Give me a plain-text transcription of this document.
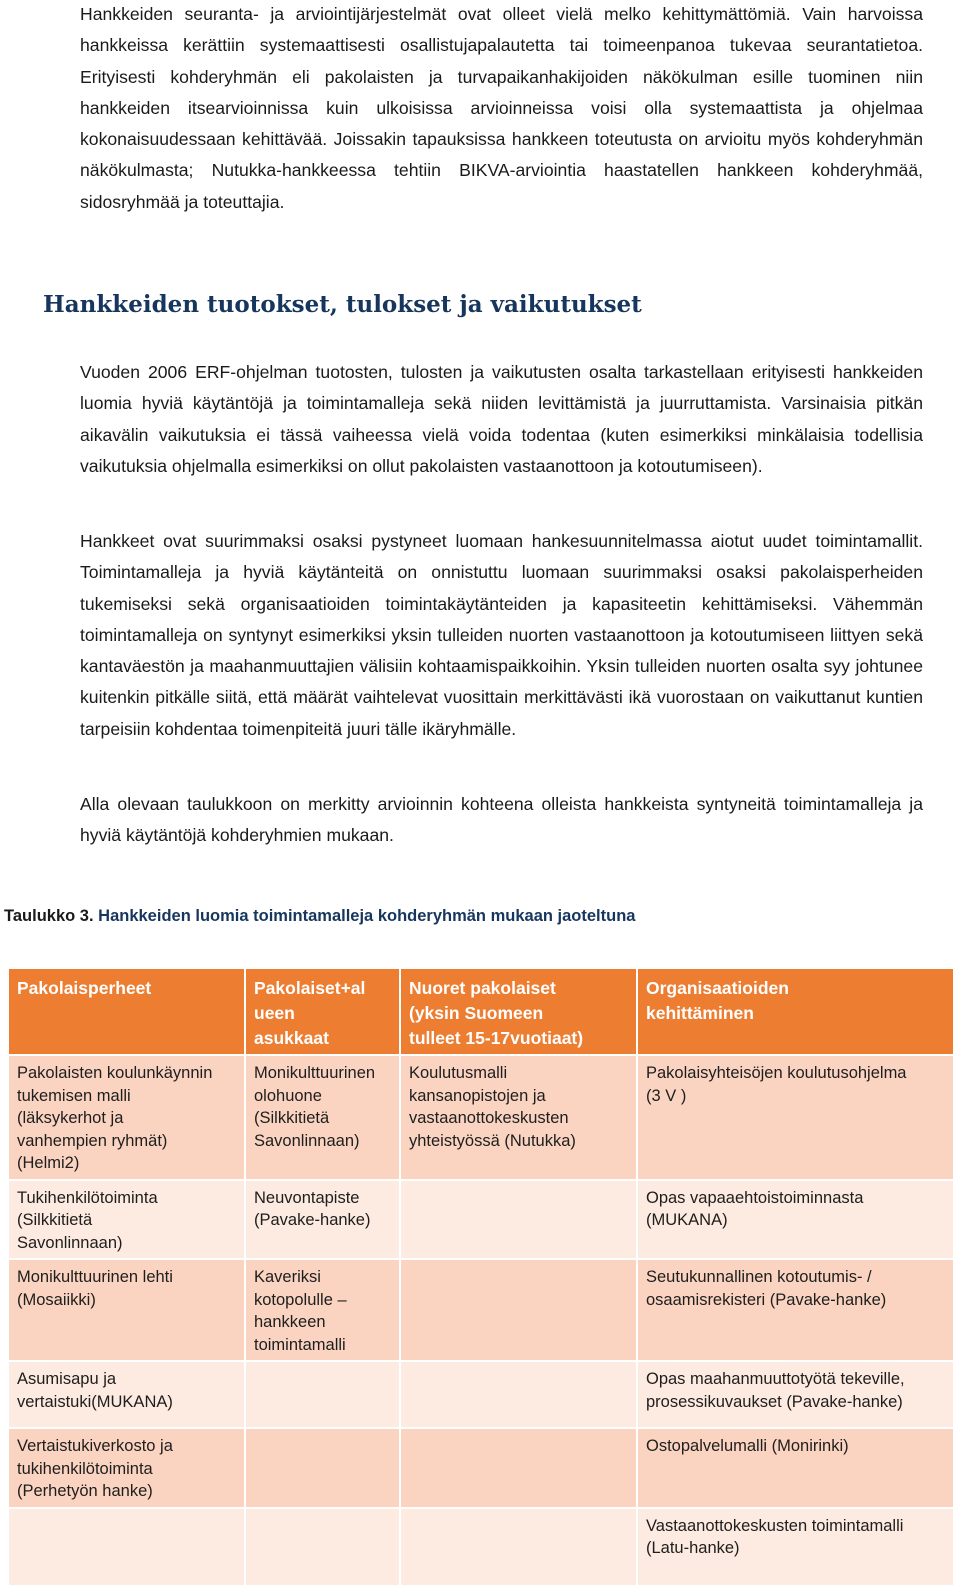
Hankkeiden seuranta- ja arviointijärjestelmät ovat olleet vielä melko kehittymättömiä. Vain harvoissa hankkeissa kerättiin systemaattisesti osallistujapalautetta tai toimeenpanoa tukevaa seurantatietoa. Erityisesti kohderyhmän eli pakolaisten ja turvapaikanhakijoiden näkökulman esille tuominen niin hankkeiden itsearvioinnissa kuin ulkoisissa arvioinneissa voisi olla systemaattista ja ohjelmaa kokonaisuudessaan kehittävää. Joissakin tapauksissa hankkeen toteutusta on arvioitu myös kohderyhmän näkökulmasta; Nutukka-hankkeessa tehtiin BIKVA-arviointia haastatellen hankkeen kohderyhmää, sidosryhmää ja toteuttajia.

Hankkeiden tuotokset, tulokset ja vaikutukset

Vuoden 2006 ERF-ohjelman tuotosten, tulosten ja vaikutusten osalta tarkastellaan erityisesti hankkeiden luomia hyviä käytäntöjä ja toimintamalleja sekä niiden levittämistä ja juurruttamista. Varsinaisia pitkän aikavälin vaikutuksia ei tässä vaiheessa vielä voida todentaa (kuten esimerkiksi minkälaisia todellisia vaikutuksia ohjelmalla esimerkiksi on ollut pakolaisten vastaanottoon ja kotoutumiseen).

Hankkeet ovat suurimmaksi osaksi pystyneet luomaan hankesuunnitelmassa aiotut uudet toimintamallit. Toimintamalleja ja hyviä käytänteitä on onnistuttu luomaan suurimmaksi osaksi pakolaisperheiden tukemiseksi sekä organisaatioiden toimintakäytänteiden ja kapasiteetin kehittämiseksi. Vähemmän toimintamalleja on syntynyt esimerkiksi yksin tulleiden nuorten vastaanottoon ja kotoutumiseen liittyen sekä kantaväestön ja maahanmuuttajien välisiin kohtaamispaikkoihin. Yksin tulleiden nuorten osalta syy johtunee kuitenkin pitkälle siitä, että määrät vaihtelevat vuosittain merkittävästi ikä vuorostaan on vaikuttanut kuntien tarpeisiin kohdentaa toimenpiteitä juuri tälle ikäryhmälle.

Alla olevaan taulukkoon on merkitty arvioinnin kohteena olleista hankkeista syntyneitä toimintamalleja ja hyviä käytäntöjä kohderyhmien mukaan.

Taulukko 3. Hankkeiden luomia toimintamalleja kohderyhmän mukaan jaoteltuna

Pakolaisperheet	Pakolaiset+al
ueen
asukkaat	Nuoret pakolaiset
(yksin Suomeen
tulleet 15-17vuotiaat)	Organisaatioiden
kehittäminen

Pakolaisten koulunkäynnin
tukemisen malli
(läksykerhot ja
vanhempien ryhmät)
(Helmi2)	Monikulttuurinen
olohuone
(Silkkitietä
Savonlinnaan)	Koulutusmalli
kansanopistojen ja
vastaanottokeskusten
yhteistyössä (Nutukka)	Pakolaisyhteisöjen koulutusohjelma
(3 V )

Tukihenkilötoiminta
(Silkkitietä
Savonlinnaan)	Neuvontapiste
(Pavake-hanke)		Opas vapaaehtoistoiminnasta
(MUKANA)

Monikulttuurinen lehti
(Mosaiikki)	Kaveriksi
kotopolulle –
hankkeen
toimintamalli		Seutukunnallinen kotoutumis- /
osaamisrekisteri (Pavake-hanke)

Asumisapu ja
vertaistuki(MUKANA)			Opas maahanmuuttotyötä tekeville,
prosessikuvaukset (Pavake-hanke)

Vertaistukiverkosto ja
tukihenkilötoiminta
(Perhetyön hanke)			Ostopalvelumalli (Monirinki)

			Vastaanottokeskusten toimintamalli
(Latu-hanke)
